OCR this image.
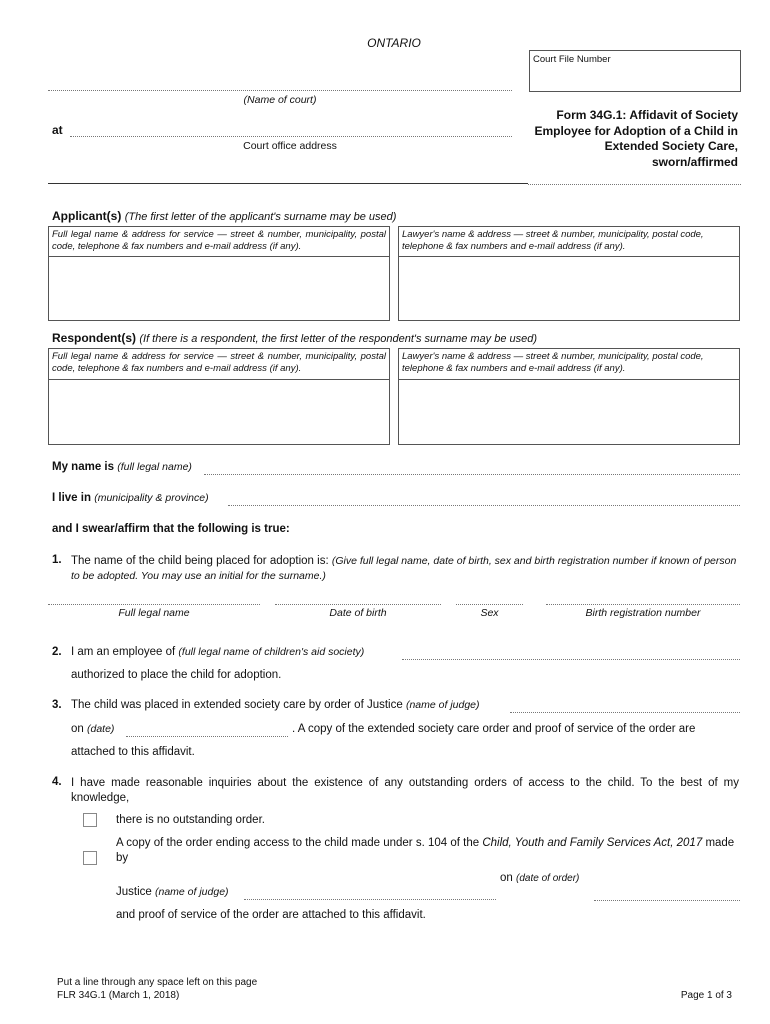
ONTARIO
Court File Number
(Name of court)
at
Court office address
Form 34G.1: Affidavit of Society Employee for Adoption of a Child in Extended Society Care, sworn/affirmed
Applicant(s) (The first letter of the applicant's surname may be used)
Full legal name & address for service — street & number, municipality, postal code, telephone & fax numbers and e-mail address (if any).
Lawyer's name & address — street & number, municipality, postal code, telephone & fax numbers and e-mail address (if any).
Respondent(s) (If there is a respondent, the first letter of the respondent's surname may be used)
Full legal name & address for service — street & number, municipality, postal code, telephone & fax numbers and e-mail address (if any).
Lawyer's name & address — street & number, municipality, postal code, telephone & fax numbers and e-mail address (if any).
My name is (full legal name)
I live in (municipality & province)
and I swear/affirm that the following is true:
1. The name of the child being placed for adoption is: (Give full legal name, date of birth, sex and birth registration number if known of person to be adopted. You may use an initial for the surname.)
Full legal name	Date of birth	Sex	Birth registration number
2. I am an employee of (full legal name of children's aid society)
authorized to place the child for adoption.
3. The child was placed in extended society care by order of Justice (name of judge)
on (date)	. A copy of the extended society care order and proof of service of the order are
attached to this affidavit.
4. I have made reasonable inquiries about the existence of any outstanding orders of access to the child. To the best of my knowledge,
there is no outstanding order.
A copy of the order ending access to the child made under s. 104 of the Child, Youth and Family Services Act, 2017 made by
Justice (name of judge)
on (date of order)
and proof of service of the order are attached to this affidavit.
Put a line through any space left on this page
FLR 34G.1 (March 1, 2018)	Page 1 of 3
